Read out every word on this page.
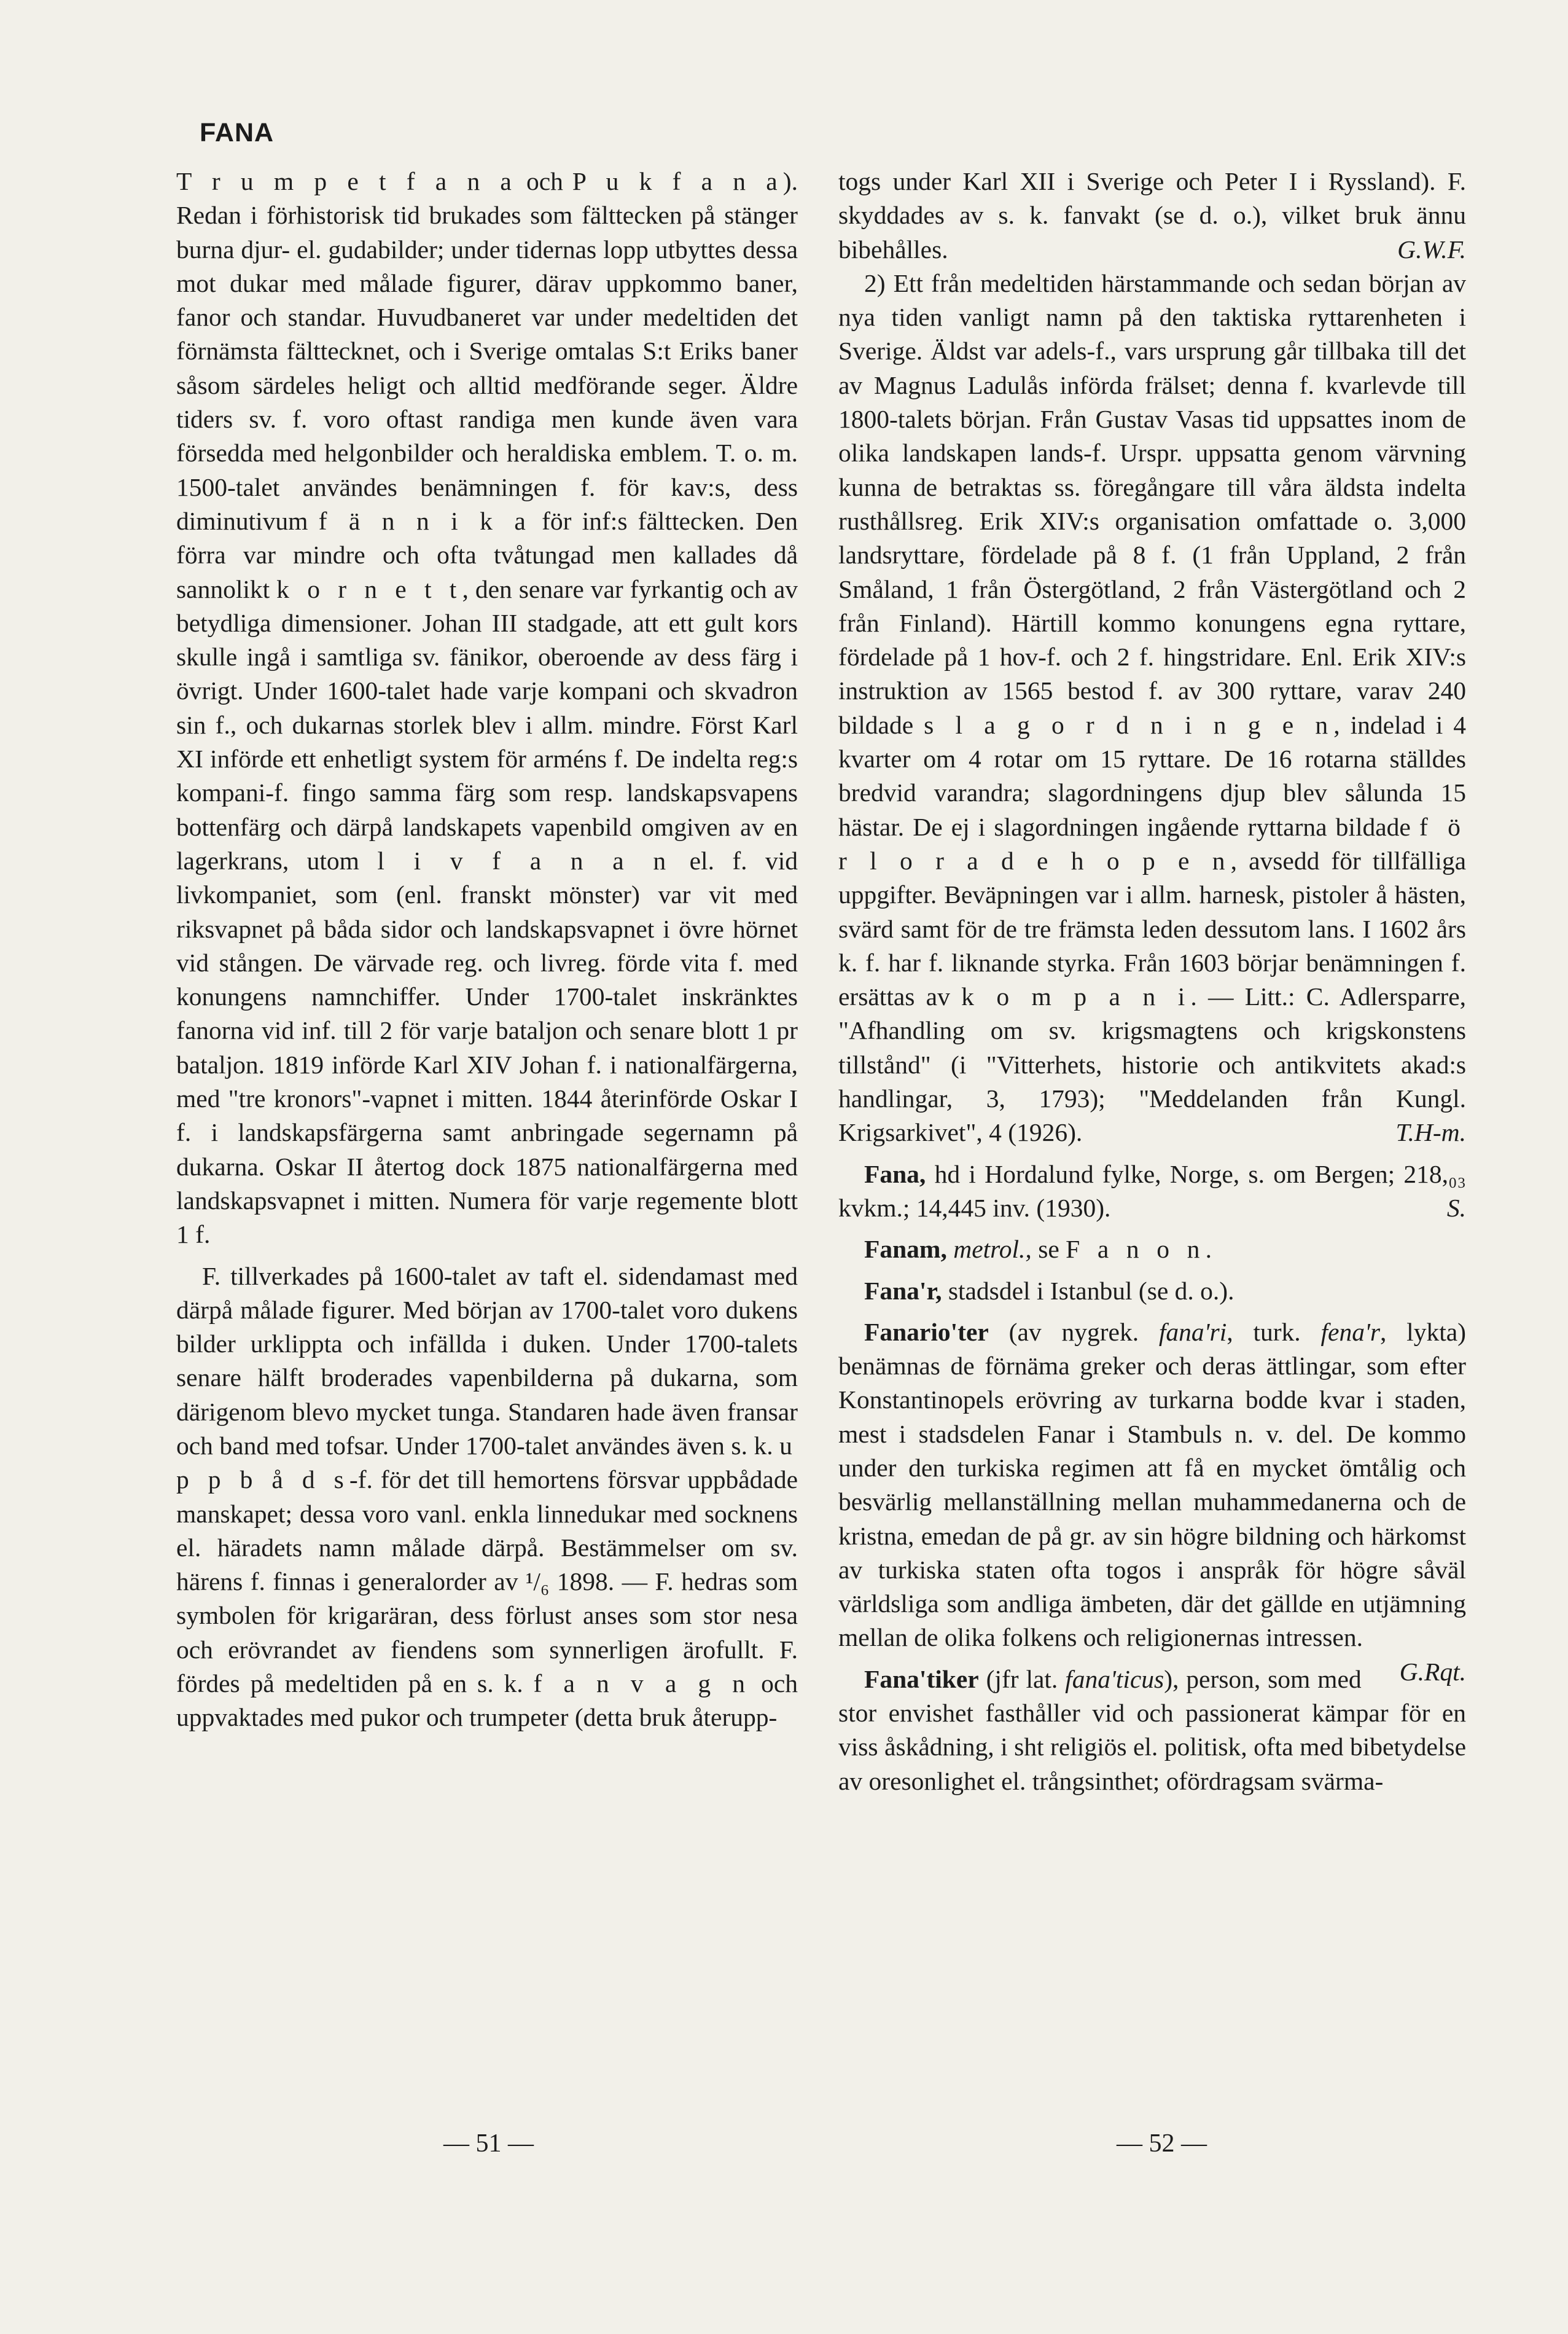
FANA

T r u m p e t f a n a och P u k f a n a). Redan i förhistorisk tid brukades som fälttecken på stänger burna djur- el. gudabilder; under tidernas lopp utbyttes dessa mot dukar med målade figurer, därav uppkommo baner, fanor och standar. Huvudbaneret var under medeltiden det förnämsta fälttecknet, och i Sverige omtalas S:t Eriks baner såsom särdeles heligt och alltid medförande seger. Äldre tiders sv. f. voro oftast randiga men kunde även vara försedda med helgonbilder och heraldiska emblem. T. o. m. 1500-talet användes benämningen f. för kav:s, dess diminutivum f ä n n i k a för inf:s fälttecken. Den förra var mindre och ofta tvåtungad men kallades då sannolikt k o r n e t t, den senare var fyrkantig och av betydliga dimensioner. Johan III stadgade, att ett gult kors skulle ingå i samtliga sv. fänikor, oberoende av dess färg i övrigt. Under 1600-talet hade varje kompani och skvadron sin f., och dukarnas storlek blev i allm. mindre. Först Karl XI införde ett enhetligt system för arméns f. De indelta reg:s kompani-f. fingo samma färg som resp. landskapsvapens bottenfärg och därpå landskapets vapenbild omgiven av en lagerkrans, utom l i v f a n a n el. f. vid livkompaniet, som (enl. franskt mönster) var vit med riksvapnet på båda sidor och landskapsvapnet i övre hörnet vid stången. De värvade reg. och livreg. förde vita f. med konungens namnchiffer. Under 1700-talet inskränktes fanorna vid inf. till 2 för varje bataljon och senare blott 1 pr bataljon. 1819 införde Karl XIV Johan f. i nationalfärgerna, med "tre kronors"-vapnet i mitten. 1844 återinförde Oskar I f. i landskapsfärgerna samt anbringade segernamn på dukarna. Oskar II återtog dock 1875 nationalfärgerna med landskapsvapnet i mitten. Numera för varje regemente blott 1 f.

F. tillverkades på 1600-talet av taft el. sidendamast med därpå målade figurer. Med början av 1700-talet voro dukens bilder urklippta och infällda i duken. Under 1700-talets senare hälft broderades vapenbilderna på dukarna, som därigenom blevo mycket tunga. Standaren hade även fransar och band med tofsar. Under 1700-talet användes även s. k. u p p b å d s-f. för det till hemortens försvar uppbådade manskapet; dessa voro vanl. enkla linnedukar med socknens el. häradets namn målade därpå. Bestämmelser om sv. härens f. finnas i generalorder av ¹/₆ 1898. — F. hedras som symbolen för krigaräran, dess förlust anses som stor nesa och erövrandet av fiendens som synnerligen ärofullt. F. fördes på medeltiden på en s. k. f a n v a g n och uppvaktades med pukor och trumpeter (detta bruk återupp-

togs under Karl XII i Sverige och Peter I i Ryssland). F. skyddades av s. k. fanvakt (se d. o.), vilket bruk ännu bibehålles.	G.W.F.

2) Ett från medeltiden härstammande och sedan början av nya tiden vanligt namn på den taktiska ryttarenheten i Sverige. Äldst var adels-f., vars ursprung går tillbaka till det av Magnus Ladulås införda frälset; denna f. kvarlevde till 1800-talets början. Från Gustav Vasas tid uppsattes inom de olika landskapen lands-f. Urspr. uppsatta genom värvning kunna de betraktas ss. föregångare till våra äldsta indelta rusthållsreg. Erik XIV:s organisation omfattade o. 3,000 landsryttare, fördelade på 8 f. (1 från Uppland, 2 från Småland, 1 från Östergötland, 2 från Västergötland och 2 från Finland). Härtill kommo konungens egna ryttare, fördelade på 1 hov-f. och 2 f. hingstridare. Enl. Erik XIV:s instruktion av 1565 bestod f. av 300 ryttare, varav 240 bildade s l a g o r d n i n g e n, indelad i 4 kvarter om 4 rotar om 15 ryttare. De 16 rotarna ställdes bredvid varandra; slagordningens djup blev sålunda 15 hästar. De ej i slagordningen ingående ryttarna bildade f ö r l o r a d e h o p e n, avsedd för tillfälliga uppgifter. Beväpningen var i allm. harnesk, pistoler å hästen, svärd samt för de tre främsta leden dessutom lans. I 1602 års k. f. har f. liknande styrka. Från 1603 börjar benämningen f. ersättas av k o m p a n i. — Litt.: C. Adlersparre, "Afhandling om sv. krigsmagtens och krigskonstens tillstånd" (i "Vitterhets, historie och antikvitets akad:s handlingar, 3, 1793); "Meddelanden från Kungl. Krigsarkivet", 4 (1926).	T.H-m.

Fana, hd i Hordalund fylke, Norge, s. om Bergen; 218,₀₃ kvkm.; 14,445 inv. (1930).	S.

Fanam, metrol., se F a n o n.

Fana'r, stadsdel i Istanbul (se d. o.).

Fanario'ter (av nygrek. fana'ri, turk. fena'r, lykta) benämnas de förnäma greker och deras ättlingar, som efter Konstantinopels erövring av turkarna bodde kvar i staden, mest i stadsdelen Fanar i Stambuls n. v. del. De kommo under den turkiska regimen att få en mycket ömtålig och besvärlig mellanställning mellan muhammedanerna och de kristna, emedan de på gr. av sin högre bildning och härkomst av turkiska staten ofta togos i anspråk för högre såväl världsliga som andliga ämbeten, där det gällde en utjämning mellan de olika folkens och religionernas intressen.
G.Rqt.

Fana'tiker (jfr lat. fana'ticus), person, som med stor envishet fasthåller vid och passionerat kämpar för en viss åskådning, i sht religiös el. politisk, ofta med bibetydelse av oresonlighet el. trångsinthet; ofördragsam svärma-

— 51 —	— 52 —
